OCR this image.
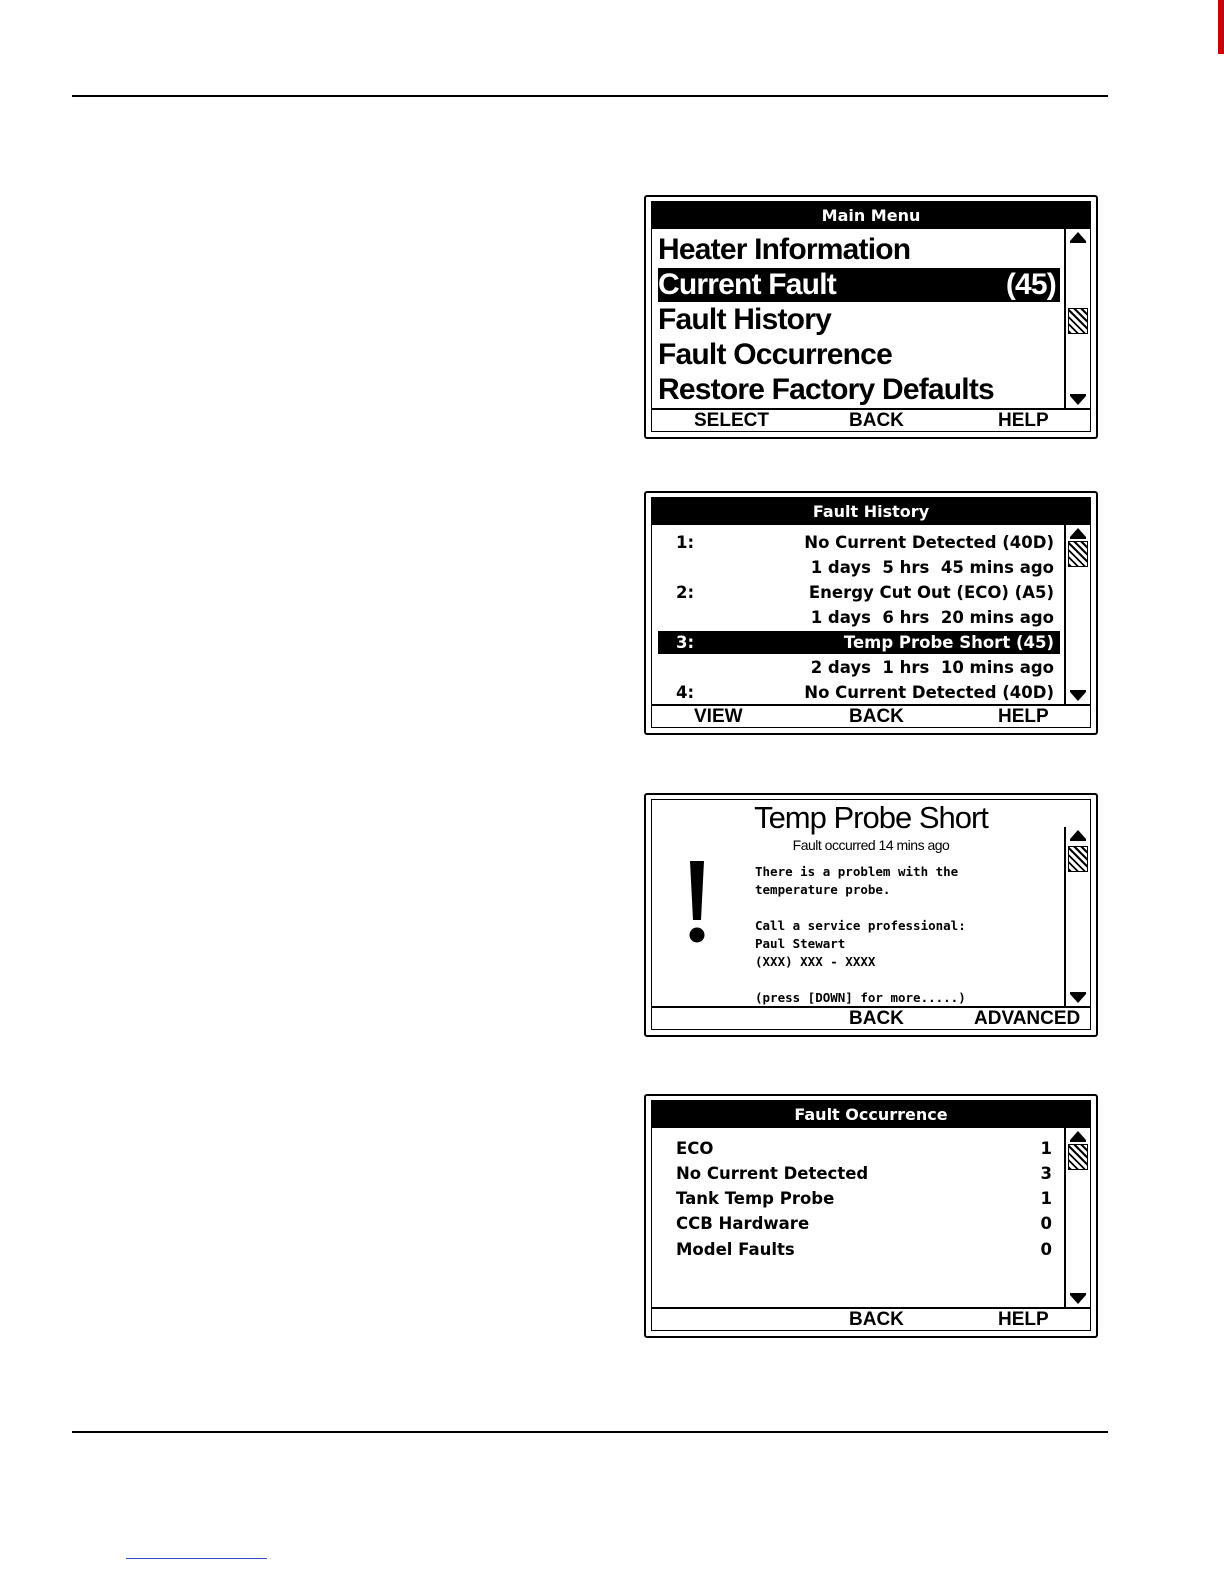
Main Menu
Heater Information
Current Fault	(45)
Fault History
Fault Occurrence
Restore Factory Defaults
SELECT	BACK	HELP
Fault History
1:	No Current Detected (40D)
1 days  5 hrs  45 mins ago
2:	Energy Cut Out (ECO) (A5)
1 days  6 hrs  20 mins ago
3:	Temp Probe Short (45)
2 days  1 hrs  10 mins ago
4:	No Current Detected (40D)
VIEW	BACK	HELP
Temp Probe Short
Fault occurred 14 mins ago
There is a problem with the
temperature probe.
Call a service professional:
Paul Stewart
(XXX) XXX - XXXX
(press [DOWN] for more.....)
BACK	ADVANCED
Fault Occurrence
ECO	1
No Current Detected	3
Tank Temp Probe	1
CCB Hardware	0
Model Faults	0
BACK	HELP
